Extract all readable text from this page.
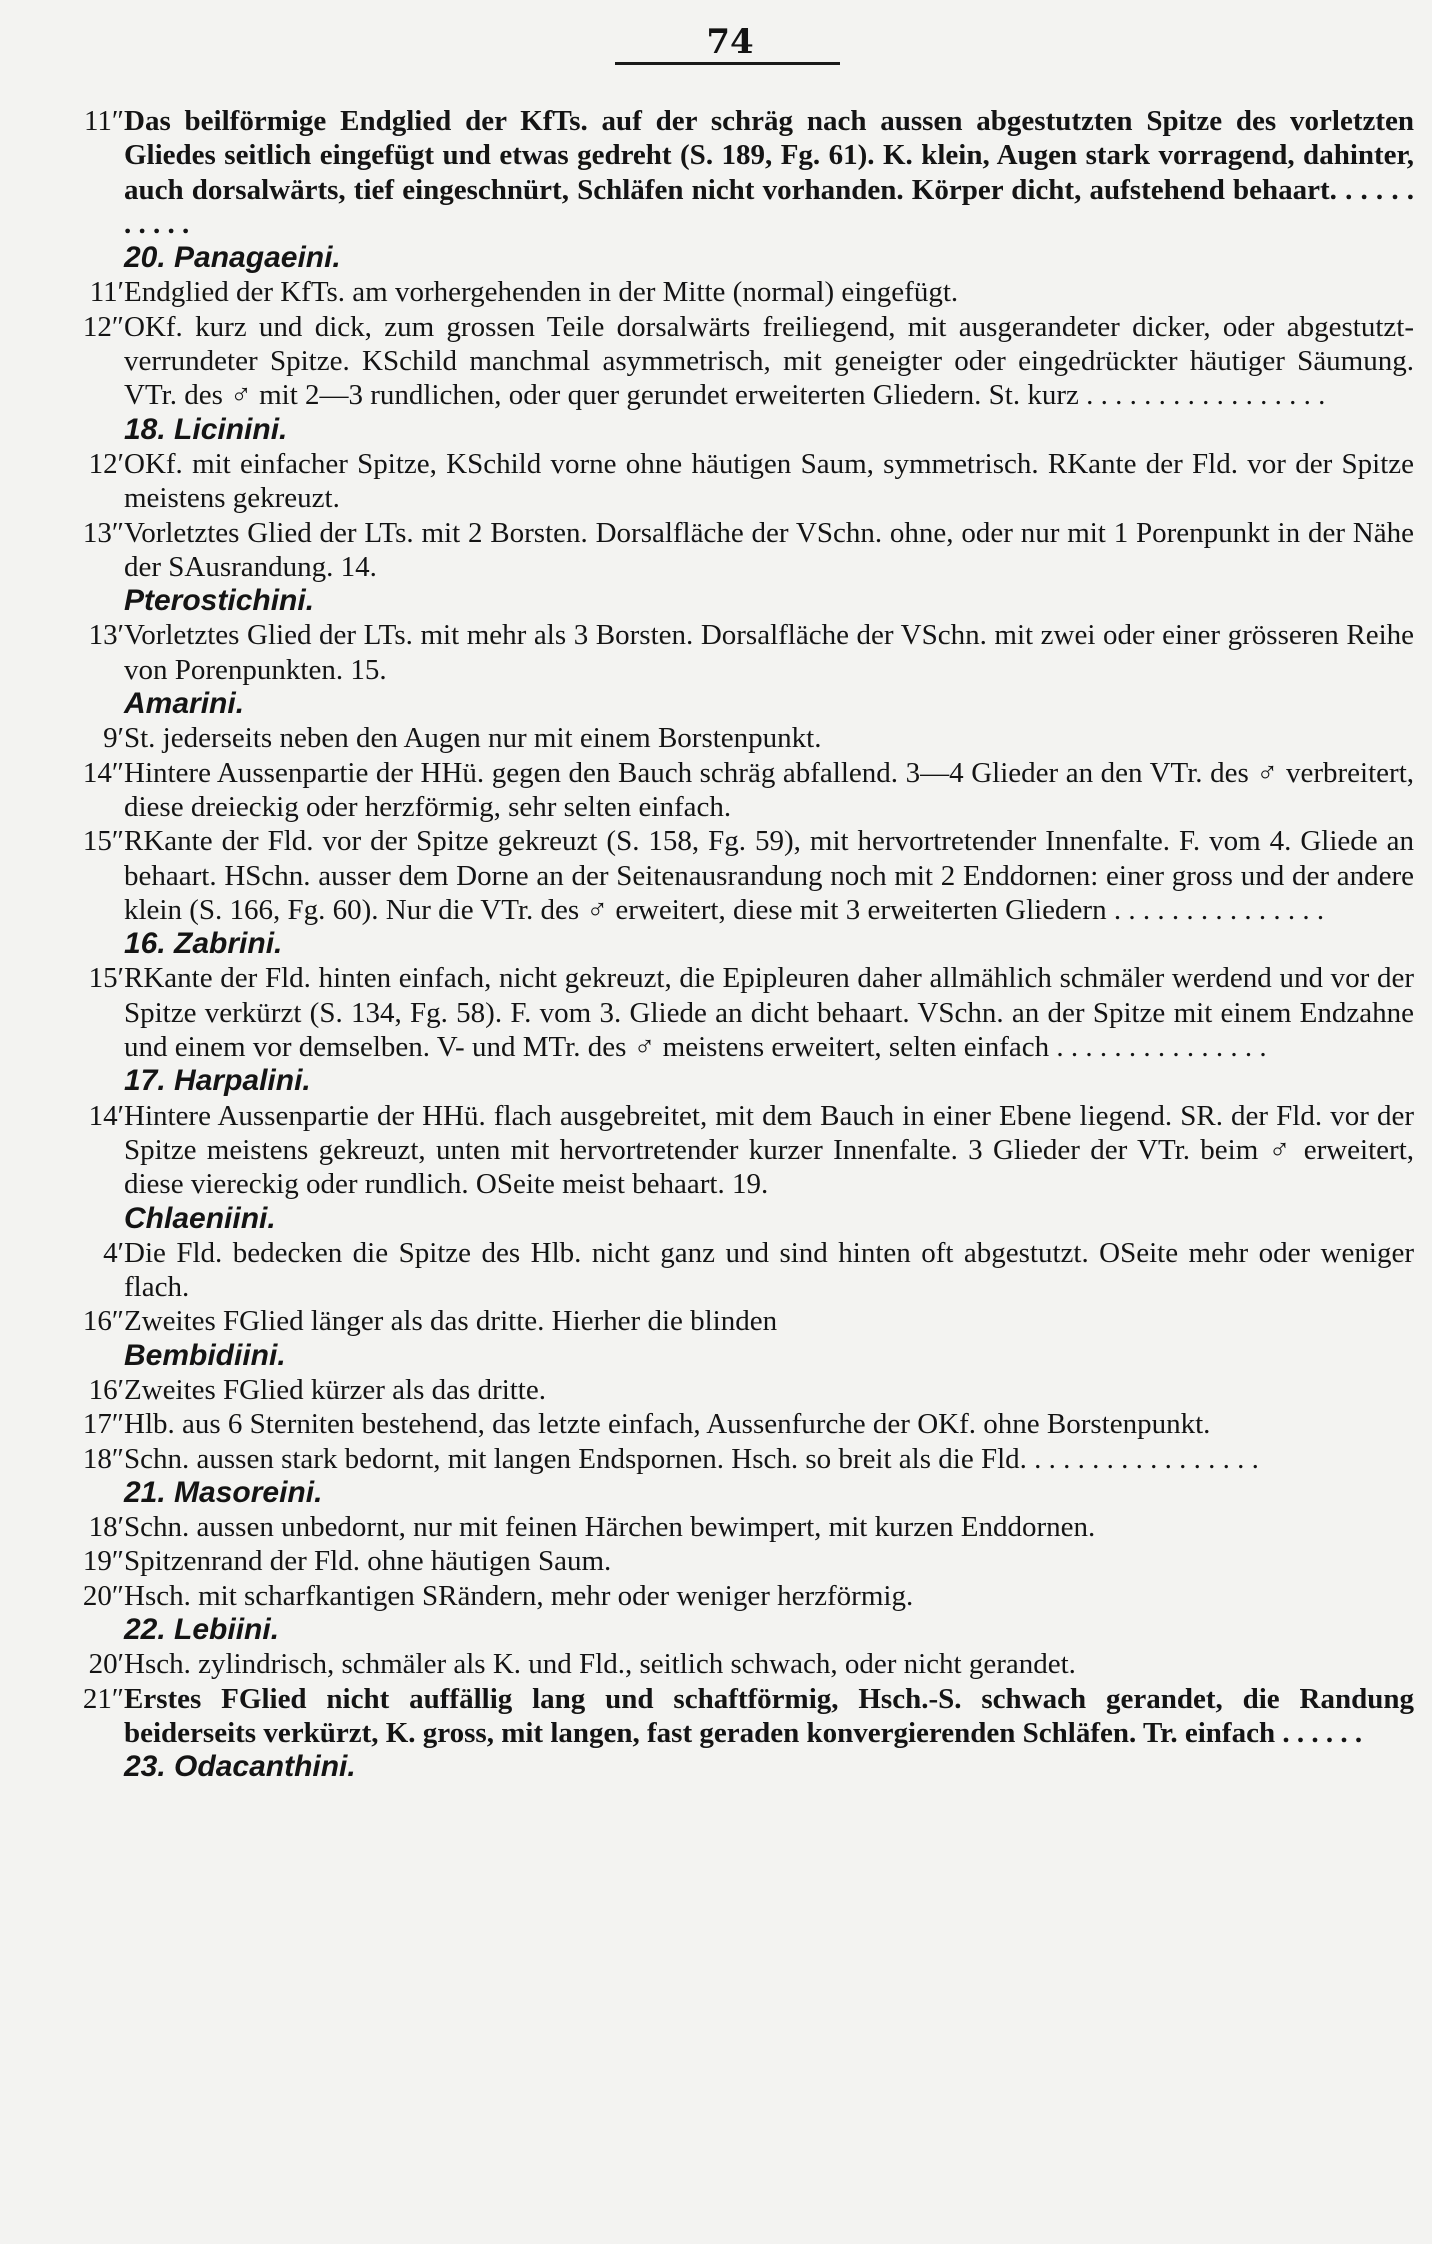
74
11″ Das beilförmige Endglied der KfTs. auf der schräg nach aussen abgestutzten Spitze des vorletzten Gliedes seitlich eingefügt und etwas gedreht (S. 189, Fg. 61). K. klein, Augen stark vorragend, dahinter, auch dorsalwärts, tief eingeschnürt, Schläfen nicht vorhanden. Körper dicht, aufstehend behaart. . . . . . . . . . .
20. Panagaeini.
11′ Endglied der KfTs. am vorhergehenden in der Mitte (normal) eingefügt.
12″ OKf. kurz und dick, zum grossen Teile dorsalwärts freiliegend, mit ausgerandeter dicker, oder abgestutzt-verrundeter Spitze. KSchild manchmal asymmetrisch, mit geneigter oder eingedrückter häutiger Säumung. VTr. des ♂ mit 2—3 rundlichen, oder quer gerundet erweiterten Gliedern. St. kurz . . . . . . . . . . . . . . . . .
18. Licinini.
12′ OKf. mit einfacher Spitze, KSchild vorne ohne häutigen Saum, symmetrisch. RKante der Fld. vor der Spitze meistens gekreuzt.
13″ Vorletztes Glied der LTs. mit 2 Borsten. Dorsalfläche der VSchn. ohne, oder nur mit 1 Porenpunkt in der Nähe der SAusrandung. 14.
Pterostichini.
13′ Vorletztes Glied der LTs. mit mehr als 3 Borsten. Dorsalfläche der VSchn. mit zwei oder einer grösseren Reihe von Porenpunkten. 15.
Amarini.
9′ St. jederseits neben den Augen nur mit einem Borstenpunkt.
14″ Hintere Aussenpartie der HHü. gegen den Bauch schräg abfallend. 3—4 Glieder an den VTr. des ♂ verbreitert, diese dreieckig oder herzförmig, sehr selten einfach.
15″ RKante der Fld. vor der Spitze gekreuzt (S. 158, Fg. 59), mit hervortretender Innenfalte. F. vom 4. Gliede an behaart. HSchn. ausser dem Dorne an der Seitenausrandung noch mit 2 Enddornen: einer gross und der andere klein (S. 166, Fg. 60). Nur die VTr. des ♂ erweitert, diese mit 3 erweiterten Gliedern . . . . . . . . . . . . . . .
16. Zabrini.
15′ RKante der Fld. hinten einfach, nicht gekreuzt, die Epipleuren daher allmählich schmäler werdend und vor der Spitze verkürzt (S. 134, Fg. 58). F. vom 3. Gliede an dicht behaart. VSchn. an der Spitze mit einem Endzahne und einem vor demselben. V- und MTr. des ♂ meistens erweitert, selten einfach . . . . . . . . . . . . . . .
17. Harpalini.
14′ Hintere Aussenpartie der HHü. flach ausgebreitet, mit dem Bauch in einer Ebene liegend. SR. der Fld. vor der Spitze meistens gekreuzt, unten mit hervortretender kurzer Innenfalte. 3 Glieder der VTr. beim ♂ erweitert, diese viereckig oder rundlich. OSeite meist behaart. 19.
Chlaeniini.
4′ Die Fld. bedecken die Spitze des Hlb. nicht ganz und sind hinten oft abgestutzt. OSeite mehr oder weniger flach.
16″ Zweites FGlied länger als das dritte. Hierher die blinden
Bembidiini.
16′ Zweites FGlied kürzer als das dritte.
17″ Hlb. aus 6 Sterniten bestehend, das letzte einfach, Aussenfurche der OKf. ohne Borstenpunkt.
18″ Schn. aussen stark bedornt, mit langen Endspornen. Hsch. so breit als die Fld. . . . . . . . . . . . . . . . .
21. Masoreini.
18′ Schn. aussen unbedornt, nur mit feinen Härchen bewimpert, mit kurzen Enddornen.
19″ Spitzenrand der Fld. ohne häutigen Saum.
20″ Hsch. mit scharfkantigen SRändern, mehr oder weniger herzförmig.
22. Lebiini.
20′ Hsch. zylindrisch, schmäler als K. und Fld., seitlich schwach, oder nicht gerandet.
21″ Erstes FGlied nicht auffällig lang und schaftförmig, Hsch.-S. schwach gerandet, die Randung beiderseits verkürzt, K. gross, mit langen, fast geraden konvergierenden Schläfen. Tr. einfach . . . . . .
23. Odacanthini.
